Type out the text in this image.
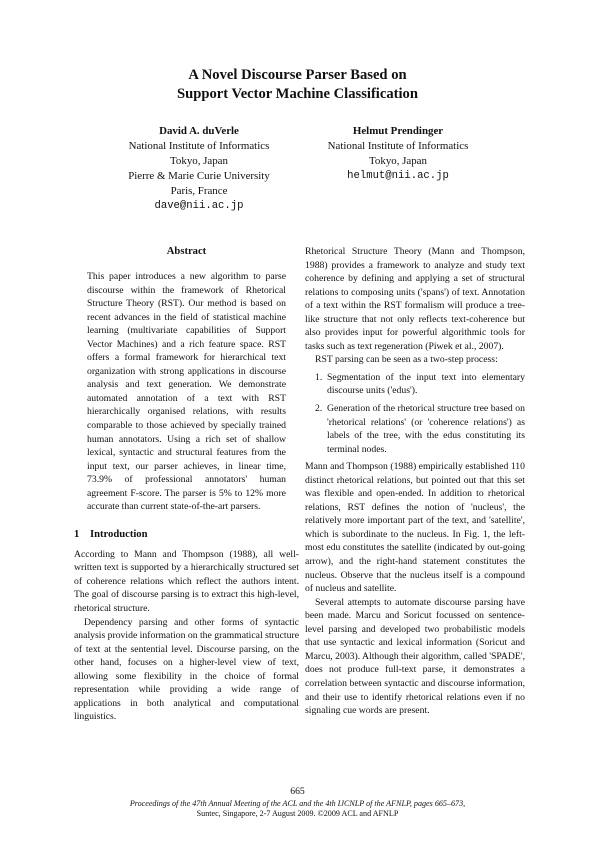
A Novel Discourse Parser Based on
Support Vector Machine Classification
David A. duVerle
National Institute of Informatics
Tokyo, Japan
Pierre & Marie Curie University
Paris, France
dave@nii.ac.jp
Helmut Prendinger
National Institute of Informatics
Tokyo, Japan
helmut@nii.ac.jp
Abstract

This paper introduces a new algorithm to parse discourse within the framework of Rhetorical Structure Theory (RST). Our method is based on recent advances in the field of statistical machine learning (multivariate capabilities of Support Vector Machines) and a rich feature space. RST offers a formal framework for hierarchical text organization with strong applications in discourse analysis and text generation. We demonstrate automated annotation of a text with RST hierarchically organised relations, with results comparable to those achieved by specially trained human annotators. Using a rich set of shallow lexical, syntactic and structural features from the input text, our parser achieves, in linear time, 73.9% of professional annotators' human agreement F-score. The parser is 5% to 12% more accurate than current state-of-the-art parsers.

1 Introduction

According to Mann and Thompson (1988), all well-written text is supported by a hierarchically structured set of coherence relations which reflect the authors intent. The goal of discourse parsing is to extract this high-level, rhetorical structure.

Dependency parsing and other forms of syntactic analysis provide information on the grammatical structure of text at the sentential level. Discourse parsing, on the other hand, focuses on a higher-level view of text, allowing some flexibility in the choice of formal representation while providing a wide range of applications in both analytical and computational linguistics.

Rhetorical Structure Theory (Mann and Thompson, 1988) provides a framework to analyze and study text coherence by defining and applying a set of structural relations to composing units ('spans') of text. Annotation of a text within the RST formalism will produce a tree-like structure that not only reflects text-coherence but also provides input for powerful algorithmic tools for tasks such as text regeneration (Piwek et al., 2007).

RST parsing can be seen as a two-step process:

1. Segmentation of the input text into elementary discourse units ('edus').
2. Generation of the rhetorical structure tree based on 'rhetorical relations' (or 'coherence relations') as labels of the tree, with the edus constituting its terminal nodes.

Mann and Thompson (1988) empirically established 110 distinct rhetorical relations, but pointed out that this set was flexible and open-ended. In addition to rhetorical relations, RST defines the notion of 'nucleus', the relatively more important part of the text, and 'satellite', which is subordinate to the nucleus. In Fig. 1, the left-most edu constitutes the satellite (indicated by out-going arrow), and the right-hand statement constitutes the nucleus. Observe that the nucleus itself is a compound of nucleus and satellite.

Several attempts to automate discourse parsing have been made. Marcu and Soricut focussed on sentence-level parsing and developed two probabilistic models that use syntactic and lexical information (Soricut and Marcu, 2003). Although their algorithm, called 'SPADE', does not produce full-text parse, it demonstrates a correlation between syntactic and discourse information, and their use to identify rhetorical relations even if no signaling cue words are present.

665
Proceedings of the 47th Annual Meeting of the ACL and the 4th IJCNLP of the AFNLP, pages 665–673,
Suntec, Singapore, 2-7 August 2009. ©2009 ACL and AFNLP
